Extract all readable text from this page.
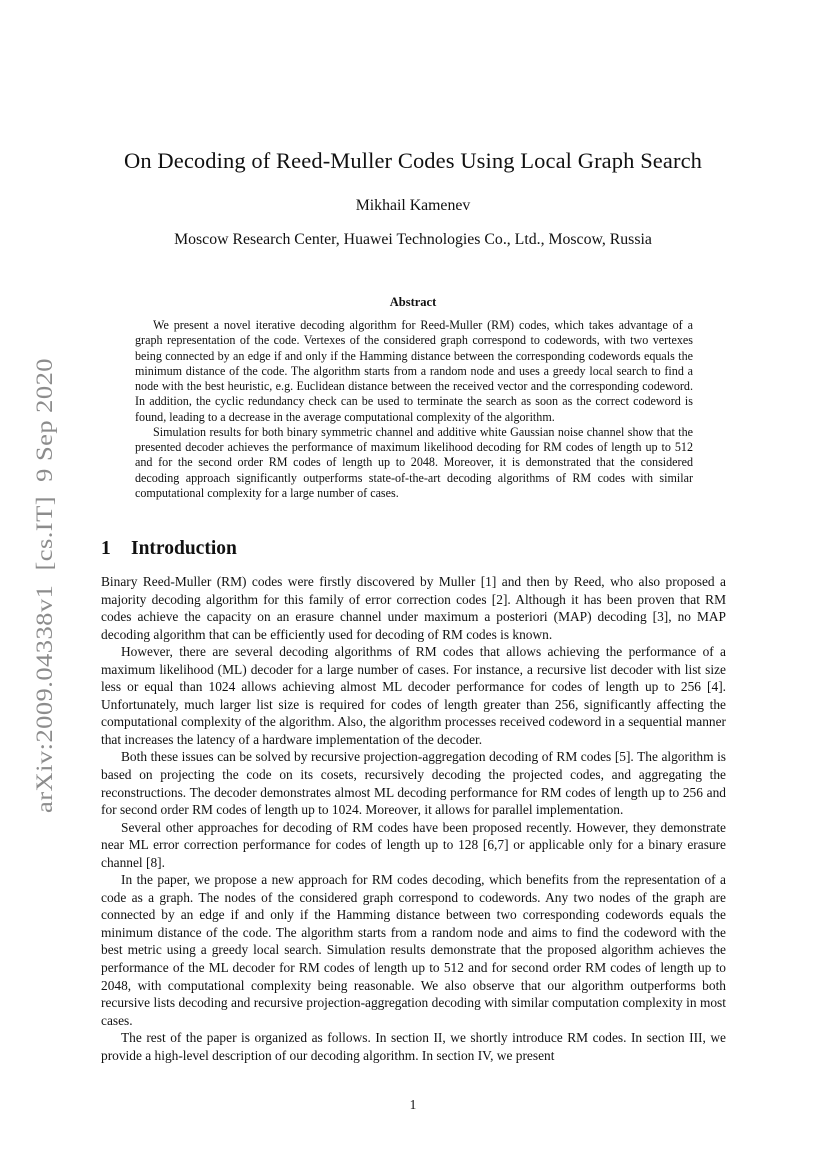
arXiv:2009.04338v1  [cs.IT]  9 Sep 2020
On Decoding of Reed-Muller Codes Using Local Graph Search
Mikhail Kamenev
Moscow Research Center, Huawei Technologies Co., Ltd., Moscow, Russia
Abstract

We present a novel iterative decoding algorithm for Reed-Muller (RM) codes, which takes advantage of a graph representation of the code. Vertexes of the considered graph correspond to codewords, with two vertexes being connected by an edge if and only if the Hamming distance between the corresponding codewords equals the minimum distance of the code. The algorithm starts from a random node and uses a greedy local search to find a node with the best heuristic, e.g. Euclidean distance between the received vector and the corresponding codeword. In addition, the cyclic redundancy check can be used to terminate the search as soon as the correct codeword is found, leading to a decrease in the average computational complexity of the algorithm.

Simulation results for both binary symmetric channel and additive white Gaussian noise channel show that the presented decoder achieves the performance of maximum likelihood decoding for RM codes of length up to 512 and for the second order RM codes of length up to 2048. Moreover, it is demonstrated that the considered decoding approach significantly outperforms state-of-the-art decoding algorithms of RM codes with similar computational complexity for a large number of cases.

1 Introduction

Binary Reed-Muller (RM) codes were firstly discovered by Muller [1] and then by Reed, who also proposed a majority decoding algorithm for this family of error correction codes [2]. Although it has been proven that RM codes achieve the capacity on an erasure channel under maximum a posteriori (MAP) decoding [3], no MAP decoding algorithm that can be efficiently used for decoding of RM codes is known.

However, there are several decoding algorithms of RM codes that allows achieving the performance of a maximum likelihood (ML) decoder for a large number of cases. For instance, a recursive list decoder with list size less or equal than 1024 allows achieving almost ML decoder performance for codes of length up to 256 [4]. Unfortunately, much larger list size is required for codes of length greater than 256, significantly affecting the computational complexity of the algorithm. Also, the algorithm processes received codeword in a sequential manner that increases the latency of a hardware implementation of the decoder.

Both these issues can be solved by recursive projection-aggregation decoding of RM codes [5]. The algorithm is based on projecting the code on its cosets, recursively decoding the projected codes, and aggregating the reconstructions. The decoder demonstrates almost ML decoding performance for RM codes of length up to 256 and for second order RM codes of length up to 1024. Moreover, it allows for parallel implementation.

Several other approaches for decoding of RM codes have been proposed recently. However, they demonstrate near ML error correction performance for codes of length up to 128 [6,7] or applicable only for a binary erasure channel [8].

In the paper, we propose a new approach for RM codes decoding, which benefits from the representation of a code as a graph. The nodes of the considered graph correspond to codewords. Any two nodes of the graph are connected by an edge if and only if the Hamming distance between two corresponding codewords equals the minimum distance of the code. The algorithm starts from a random node and aims to find the codeword with the best metric using a greedy local search. Simulation results demonstrate that the proposed algorithm achieves the performance of the ML decoder for RM codes of length up to 512 and for second order RM codes of length up to 2048, with computational complexity being reasonable. We also observe that our algorithm outperforms both recursive lists decoding and recursive projection-aggregation decoding with similar computation complexity in most cases.

The rest of the paper is organized as follows. In section II, we shortly introduce RM codes. In section III, we provide a high-level description of our decoding algorithm. In section IV, we present

1
